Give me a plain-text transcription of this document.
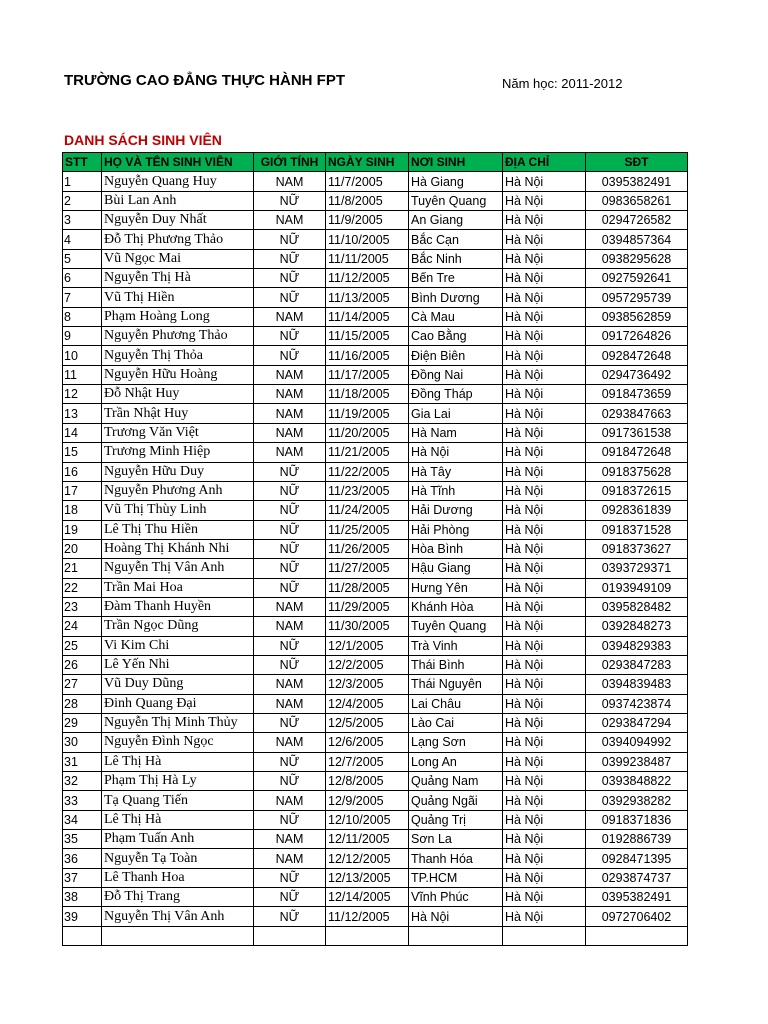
TRƯỜNG CAO ĐẲNG THỰC HÀNH FPT	Năm học: 2011-2012
DANH SÁCH SINH VIÊN
STT	HỌ VÀ TÊN SINH VIÊN	GIỚI TÍNH	NGÀY SINH	NƠI SINH	ĐỊA CHỈ	SĐT
1	Nguyễn Quang Huy	NAM	11/7/2005	Hà Giang	Hà Nội	0395382491
2	Bùi Lan Anh	NỮ	11/8/2005	Tuyên Quang	Hà Nội	0983658261
3	Nguyễn Duy Nhất	NAM	11/9/2005	An Giang	Hà Nội	0294726582
4	Đỗ Thị Phương Thảo	NỮ	11/10/2005	Bắc Cạn	Hà Nội	0394857364
5	Vũ Ngọc Mai	NỮ	11/11/2005	Bắc Ninh	Hà Nội	0938295628
6	Nguyễn Thị Hà	NỮ	11/12/2005	Bến Tre	Hà Nội	0927592641
7	Vũ Thị Hiền	NỮ	11/13/2005	Bình Dương	Hà Nội	0957295739
8	Phạm Hoàng Long	NAM	11/14/2005	Cà Mau	Hà Nội	0938562859
9	Nguyễn Phương Thảo	NỮ	11/15/2005	Cao Bằng	Hà Nội	0917264826
10	Nguyễn Thị Thỏa	NỮ	11/16/2005	Điện Biên	Hà Nội	0928472648
11	Nguyễn Hữu Hoàng	NAM	11/17/2005	Đồng Nai	Hà Nội	0294736492
12	Đỗ Nhật Huy	NAM	11/18/2005	Đồng Tháp	Hà Nội	0918473659
13	Trần Nhật Huy	NAM	11/19/2005	Gia Lai	Hà Nội	0293847663
14	Trương Văn Việt	NAM	11/20/2005	Hà Nam	Hà Nội	0917361538
15	Trương Minh Hiệp	NAM	11/21/2005	Hà Nội	Hà Nội	0918472648
16	Nguyễn Hữu Duy	NỮ	11/22/2005	Hà Tây	Hà Nội	0918375628
17	Nguyễn Phương Anh	NỮ	11/23/2005	Hà Tĩnh	Hà Nội	0918372615
18	Vũ Thị Thùy Linh	NỮ	11/24/2005	Hải Dương	Hà Nội	0928361839
19	Lê Thị Thu Hiền	NỮ	11/25/2005	Hải Phòng	Hà Nội	0918371528
20	Hoàng Thị Khánh Nhi	NỮ	11/26/2005	Hòa Bình	Hà Nội	0918373627
21	Nguyễn Thị Vân Anh	NỮ	11/27/2005	Hậu Giang	Hà Nội	0393729371
22	Trần Mai Hoa	NỮ	11/28/2005	Hưng Yên	Hà Nội	0193949109
23	Đàm Thanh Huyền	NAM	11/29/2005	Khánh Hòa	Hà Nội	0395828482
24	Trần Ngọc Dũng	NAM	11/30/2005	Tuyên Quang	Hà Nội	0392848273
25	Vi Kim Chi	NỮ	12/1/2005	Trà Vinh	Hà Nội	0394829383
26	Lê Yến Nhi	NỮ	12/2/2005	Thái Bình	Hà Nội	0293847283
27	Vũ Duy Dũng	NAM	12/3/2005	Thái Nguyên	Hà Nội	0394839483
28	Đinh Quang Đại	NAM	12/4/2005	Lai Châu	Hà Nội	0937423874
29	Nguyễn Thị Minh Thủy	NỮ	12/5/2005	Lào Cai	Hà Nội	0293847294
30	Nguyễn Đình Ngọc	NAM	12/6/2005	Lạng Sơn	Hà Nội	0394094992
31	Lê Thị Hà	NỮ	12/7/2005	Long An	Hà Nội	0399238487
32	Phạm Thị Hà Ly	NỮ	12/8/2005	Quảng Nam	Hà Nội	0393848822
33	Tạ Quang Tiến	NAM	12/9/2005	Quảng Ngãi	Hà Nội	0392938282
34	Lê Thị Hà	NỮ	12/10/2005	Quảng Trị	Hà Nội	0918371836
35	Phạm Tuấn Anh	NAM	12/11/2005	Sơn La	Hà Nội	0192886739
36	Nguyễn Tạ Toàn	NAM	12/12/2005	Thanh Hóa	Hà Nội	0928471395
37	Lê Thanh Hoa	NỮ	12/13/2005	TP.HCM	Hà Nội	0293874737
38	Đỗ Thị Trang	NỮ	12/14/2005	Vĩnh Phúc	Hà Nội	0395382491
39	Nguyễn Thị Vân Anh	NỮ	11/12/2005	Hà Nội	Hà Nội	0972706402
